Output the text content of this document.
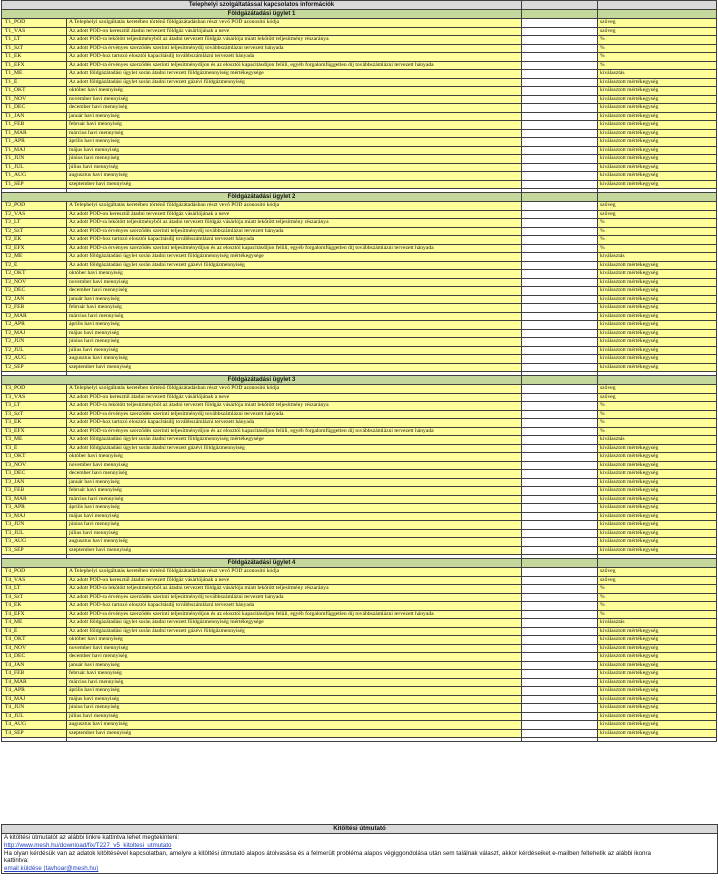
Telephelyi szolgáltatással kapcsolatos információk			
Földgázátadási ügylet 1			
T1_POD	A Telephelyi szolgáltatás keretében történő földgázátadásban részt vevő POD azonosító kódja		szöveg
T1_VÁS	Az adott POD-on keresztül átadni tervezett földgáz vásárlójának a neve		szöveg
T1_LT	Az adott POD-ra lekötött teljesítményből az átadni tervezett földgáz vásárlója miatt lekötött teljesítmény részaránya		%
T1_SzT	Az adott POD-ra érvényes szerződés szerinti teljesítménydíj továbbszámlázni tervezett hányada		%
T1_EK	Az adott POD-hoz tartozó elosztói kapacitásdíj továbbszámlázni tervezett hányada		%
T1_EFX	Az adott POD-ra érvényes szerződés szerinti teljesítménydíjon és az elosztói kapacitásdíjon felüli, egyéb forgalomfüggetlen díj továbbszámlázni tervezett hányada		%
T1_ME	Az adott földgázátadási ügylet során átadni tervezett földgázmennyiség mértékegysége		kiválasztás
T1_É	Az adott földgázátadási ügylet során átadni tervezett gázévi földgázmennyiség		kiválasztott mértékegység
T1_OKT	október havi mennyiség		kiválasztott mértékegység
T1_NOV	november havi mennyiség		kiválasztott mértékegység
T1_DEC	december havi mennyiség		kiválasztott mértékegység
T1_JAN	január havi mennyiség		kiválasztott mértékegység
T1_FEB	február havi mennyiség		kiválasztott mértékegység
T1_MÁR	március havi mennyiség		kiválasztott mértékegység
T1_ÁPR	április havi mennyiség		kiválasztott mértékegység
T1_MÁJ	május havi mennyiség		kiválasztott mértékegység
T1_JÚN	június havi mennyiség		kiválasztott mértékegység
T1_JÚL	július havi mennyiség		kiválasztott mértékegység
T1_AUG	augusztus havi mennyiség		kiválasztott mértékegység
T1_SEP	szeptember havi mennyiség		kiválasztott mértékegység

Földgázátadási ügylet 2			
T2_POD	A Telephelyi szolgáltatás keretében történő földgázátadásban részt vevő POD azonosító kódja		szöveg
T2_VÁS	Az adott POD-on keresztül átadni tervezett földgáz vásárlójának a neve		szöveg
T2_LT	Az adott POD-ra lekötött teljesítményből az átadni tervezett földgáz vásárlója miatt lekötött teljesítmény részaránya		%
T2_SzT	Az adott POD-ra érvényes szerződés szerinti teljesítménydíj továbbszámlázni tervezett hányada		%
T2_EK	Az adott POD-hoz tartozó elosztói kapacitásdíj továbbszámlázni tervezett hányada		%
T2_EFX	Az adott POD-ra érvényes szerződés szerinti teljesítménydíjon és az elosztói kapacitásdíjon felüli, egyéb forgalomfüggetlen díj továbbszámlázni tervezett hányada		%
T2_ME	Az adott földgázátadási ügylet során átadni tervezett földgázmennyiség mértékegysége		kiválasztás
T2_É	Az adott földgázátadási ügylet során átadni tervezett gázévi földgázmennyiség		kiválasztott mértékegység
T2_OKT	október havi mennyiség		kiválasztott mértékegység
T2_NOV	november havi mennyiség		kiválasztott mértékegység
T2_DEC	december havi mennyiség		kiválasztott mértékegység
T2_JAN	január havi mennyiség		kiválasztott mértékegység
T2_FEB	február havi mennyiség		kiválasztott mértékegység
T2_MÁR	március havi mennyiség		kiválasztott mértékegység
T2_ÁPR	április havi mennyiség		kiválasztott mértékegység
T2_MÁJ	május havi mennyiség		kiválasztott mértékegység
T2_JÚN	június havi mennyiség		kiválasztott mértékegység
T2_JÚL	július havi mennyiség		kiválasztott mértékegység
T2_AUG	augusztus havi mennyiség		kiválasztott mértékegység
T2_SEP	szeptember havi mennyiség		kiválasztott mértékegység

Földgázátadási ügylet 3			
T3_POD	A Telephelyi szolgáltatás keretében történő földgázátadásban részt vevő POD azonosító kódja		szöveg
T3_VÁS	Az adott POD-on keresztül átadni tervezett földgáz vásárlójának a neve		szöveg
T3_LT	Az adott POD-ra lekötött teljesítményből az átadni tervezett földgáz vásárlója miatt lekötött teljesítmény részaránya		%
T3_SzT	Az adott POD-ra érvényes szerződés szerinti teljesítménydíj továbbszámlázni tervezett hányada		%
T3_EK	Az adott POD-hoz tartozó elosztói kapacitásdíj továbbszámlázni tervezett hányada		%
T3_EFX	Az adott POD-ra érvényes szerződés szerinti teljesítménydíjon és az elosztói kapacitásdíjon felüli, egyéb forgalomfüggetlen díj továbbszámlázni tervezett hányada		%
T3_ME	Az adott földgázátadási ügylet során átadni tervezett földgázmennyiség mértékegysége		kiválasztás
T3_É	Az adott földgázátadási ügylet során átadni tervezett gázévi földgázmennyiség		kiválasztott mértékegység
T3_OKT	október havi mennyiség		kiválasztott mértékegység
T3_NOV	november havi mennyiség		kiválasztott mértékegység
T3_DEC	december havi mennyiség		kiválasztott mértékegység
T3_JAN	január havi mennyiség		kiválasztott mértékegység
T3_FEB	február havi mennyiség		kiválasztott mértékegység
T3_MÁR	március havi mennyiség		kiválasztott mértékegység
T3_ÁPR	április havi mennyiség		kiválasztott mértékegység
T3_MÁJ	május havi mennyiség		kiválasztott mértékegység
T3_JÚN	június havi mennyiség		kiválasztott mértékegység
T3_JÚL	július havi mennyiség		kiválasztott mértékegység
T3_AUG	augusztus havi mennyiség		kiválasztott mértékegység
T3_SEP	szeptember havi mennyiség		kiválasztott mértékegység

Földgázátadási ügylet 4			
T4_POD	A Telephelyi szolgáltatás keretében történő földgázátadásban részt vevő POD azonosító kódja		szöveg
T4_VÁS	Az adott POD-on keresztül átadni tervezett földgáz vásárlójának a neve		szöveg
T4_LT	Az adott POD-ra lekötött teljesítményből az átadni tervezett földgáz vásárlója miatt lekötött teljesítmény részaránya		%
T4_SzT	Az adott POD-ra érvényes szerződés szerinti teljesítménydíj továbbszámlázni tervezett hányada		%
T4_EK	Az adott POD-hoz tartozó elosztói kapacitásdíj továbbszámlázni tervezett hányada		%
T4_EFX	Az adott POD-ra érvényes szerződés szerinti teljesítménydíjon és az elosztói kapacitásdíjon felüli, egyéb forgalomfüggetlen díj továbbszámlázni tervezett hányada		%
T4_ME	Az adott földgázátadási ügylet során átadni tervezett földgázmennyiség mértékegysége		kiválasztás
T4_É	Az adott földgázátadási ügylet során átadni tervezett gázévi földgázmennyiség		kiválasztott mértékegység
T4_OKT	október havi mennyiség		kiválasztott mértékegység
T4_NOV	november havi mennyiség		kiválasztott mértékegység
T4_DEC	december havi mennyiség		kiválasztott mértékegység
T4_JAN	január havi mennyiség		kiválasztott mértékegység
T4_FEB	február havi mennyiség		kiválasztott mértékegység
T4_MÁR	március havi mennyiség		kiválasztott mértékegység
T4_ÁPR	április havi mennyiség		kiválasztott mértékegység
T4_MÁJ	május havi mennyiség		kiválasztott mértékegység
T4_JÚN	június havi mennyiség		kiválasztott mértékegység
T4_JÚL	július havi mennyiség		kiválasztott mértékegység
T4_AUG	augusztus havi mennyiség		kiválasztott mértékegység
T4_SEP	szeptember havi mennyiség		kiválasztott mértékegység

Kitöltési útmutató
A kitöltési útmutatót az alábbi linkre kattintva lehet megtekinteni:
http://www.mesh.hu/download/fix/T227_v5_kitoltesi_utmutato
Ha olyan kérdésük van az adatok kitöltésével kapcsolatban, amelyre a kitöltési útmutató alapos átolvasása és a felmerült probléma alapos végiggondolása után sem találnak választ, akkor kérdéseiket e-mailben feltehetik az alábbi ikonra
kattintva:
email küldése (tavhoar@mesh.hu)
